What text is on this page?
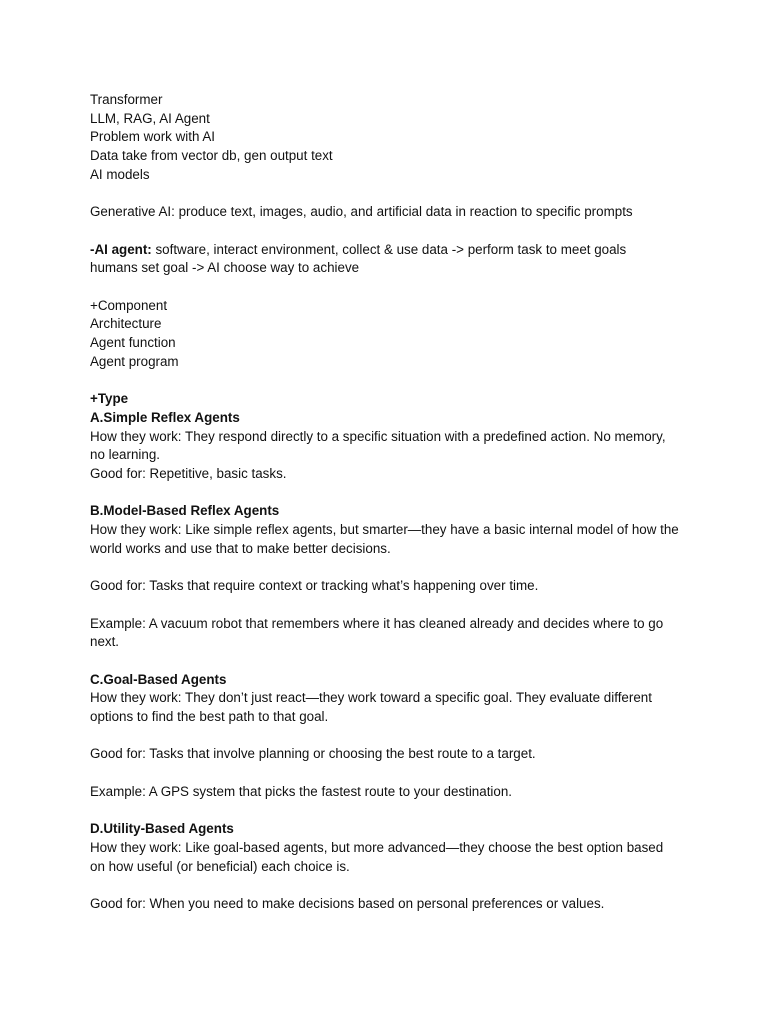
Transformer
LLM, RAG, AI Agent
Problem work with AI
Data take from vector db, gen output text
AI models
Generative AI: produce text, images, audio, and artificial data in reaction to specific prompts
-AI agent: software, interact environment, collect & use data -> perform task to meet goals
humans set goal -> AI choose way to achieve
+Component
Architecture
Agent function
Agent program
+Type
A.Simple Reflex Agents
How they work: They respond directly to a specific situation with a predefined action. No memory, no learning.
Good for: Repetitive, basic tasks.
B.Model-Based Reflex Agents
How they work: Like simple reflex agents, but smarter—they have a basic internal model of how the world works and use that to make better decisions.
Good for: Tasks that require context or tracking what’s happening over time.
Example: A vacuum robot that remembers where it has cleaned already and decides where to go next.
C.Goal-Based Agents
How they work: They don’t just react—they work toward a specific goal. They evaluate different options to find the best path to that goal.
Good for: Tasks that involve planning or choosing the best route to a target.
Example: A GPS system that picks the fastest route to your destination.
D.Utility-Based Agents
How they work: Like goal-based agents, but more advanced—they choose the best option based on how useful (or beneficial) each choice is.
Good for: When you need to make decisions based on personal preferences or values.
